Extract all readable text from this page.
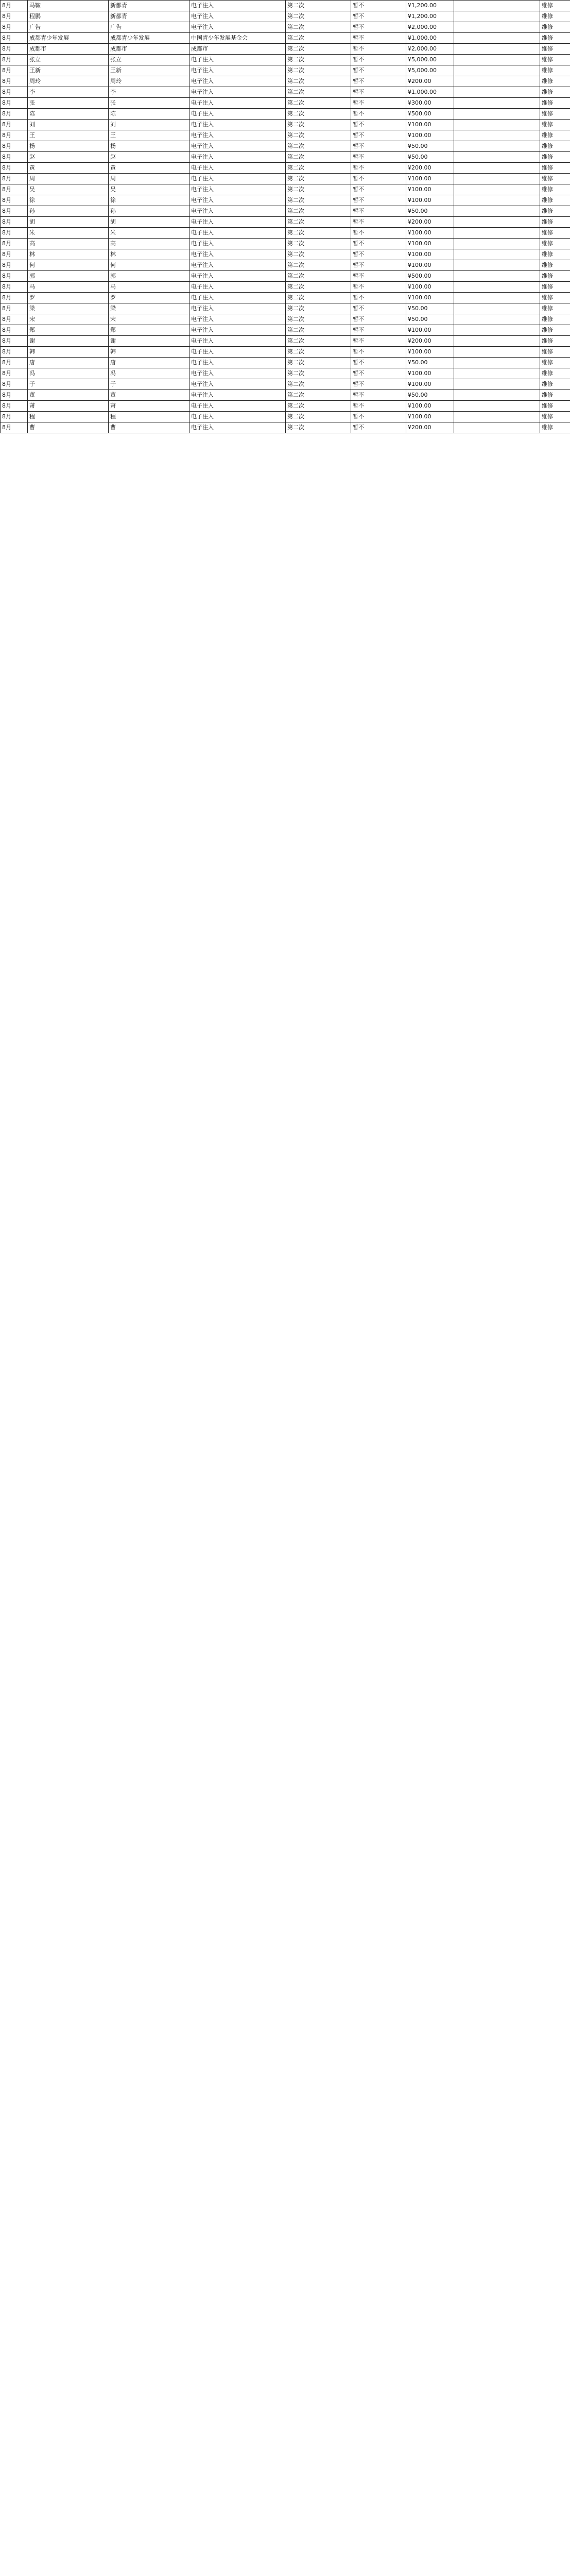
8月	马鞍	新都青	电子注入	第二次	暂不	¥1,200.00		维修
8月	程鹏	新都青	电子注入	第二次	暂不	¥1,200.00		维修
8月	广告	广告	电子注入	第二次	暂不	¥2,000.00		维修
8月	成都青少年发展	成都青少年发展	中国青少年发展基金会	第二次	暂不	¥1,000.00		维修
8月	成都市	成都市	成都市	第二次	暂不	¥2,000.00		维修
8月	张立	张立	电子注入	第二次	暂不	¥5,000.00		维修
8月	王新	王新	电子注入	第二次	暂不	¥5,000.00		维修
8月	周玲	周玲	电子注入	第二次	暂不	¥200.00		维修
8月	李	李	电子注入	第二次	暂不	¥1,000.00		维修
8月	张	张	电子注入	第二次	暂不	¥300.00		维修
8月	陈	陈	电子注入	第二次	暂不	¥500.00		维修
8月	刘	刘	电子注入	第二次	暂不	¥100.00		维修
8月	王	王	电子注入	第二次	暂不	¥100.00		维修
8月	杨	杨	电子注入	第二次	暂不	¥50.00		维修
8月	赵	赵	电子注入	第二次	暂不	¥50.00		维修
8月	黄	黄	电子注入	第二次	暂不	¥200.00		维修
8月	周	周	电子注入	第二次	暂不	¥100.00		维修
8月	吴	吴	电子注入	第二次	暂不	¥100.00		维修
8月	徐	徐	电子注入	第二次	暂不	¥100.00		维修
8月	孙	孙	电子注入	第二次	暂不	¥50.00		维修
8月	胡	胡	电子注入	第二次	暂不	¥200.00		维修
8月	朱	朱	电子注入	第二次	暂不	¥100.00		维修
8月	高	高	电子注入	第二次	暂不	¥100.00		维修
8月	林	林	电子注入	第二次	暂不	¥100.00		维修
8月	何	何	电子注入	第二次	暂不	¥100.00		维修
8月	郭	郭	电子注入	第二次	暂不	¥500.00		维修
8月	马	马	电子注入	第二次	暂不	¥100.00		维修
8月	罗	罗	电子注入	第二次	暂不	¥100.00		维修
8月	梁	梁	电子注入	第二次	暂不	¥50.00		维修
8月	宋	宋	电子注入	第二次	暂不	¥50.00		维修
8月	郑	郑	电子注入	第二次	暂不	¥100.00		维修
8月	谢	谢	电子注入	第二次	暂不	¥200.00		维修
8月	韩	韩	电子注入	第二次	暂不	¥100.00		维修
8月	唐	唐	电子注入	第二次	暂不	¥50.00		维修
8月	冯	冯	电子注入	第二次	暂不	¥100.00		维修
8月	于	于	电子注入	第二次	暂不	¥100.00		维修
8月	董	董	电子注入	第二次	暂不	¥50.00		维修
8月	萧	萧	电子注入	第二次	暂不	¥100.00		维修
8月	程	程	电子注入	第二次	暂不	¥100.00		维修
8月	曹	曹	电子注入	第二次	暂不	¥200.00		维修
